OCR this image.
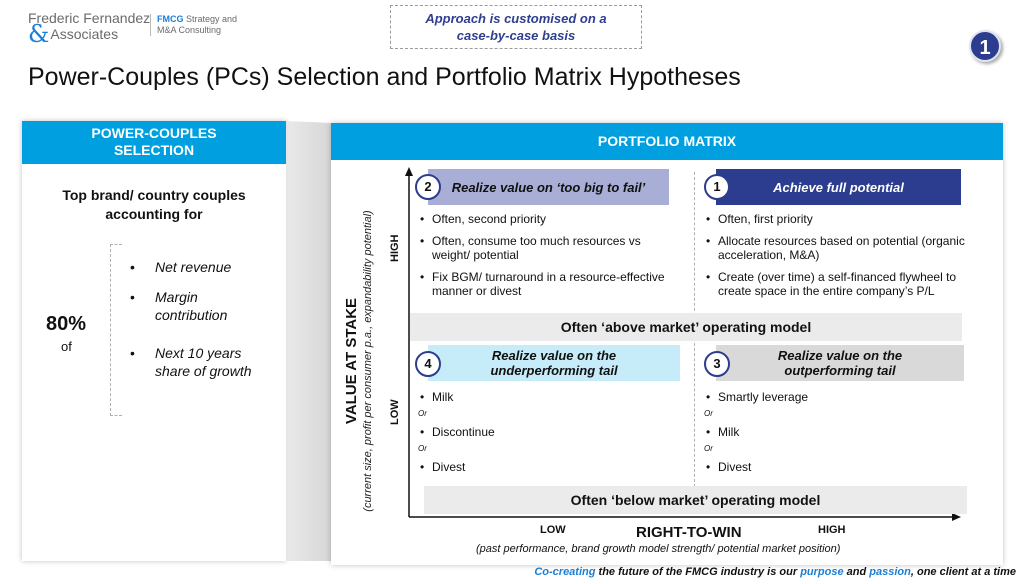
Frederic Fernandez
&Associates
FMCG Strategy and
M&A Consulting
Approach is customised on a
case-by-case basis
1
Power-Couples (PCs) Selection and Portfolio Matrix Hypotheses
POWER-COUPLES
SELECTION
Top brand/ country couples
accounting for
80%
of
• Net revenue
• Margin contribution
• Next 10 years share of growth
PORTFOLIO MATRIX
VALUE AT STAKE (current size, profit per consumer p.a., expandability potential) HIGH
LOW
Realize value on ‘too big to fail’
2
• Often, second priority
• Often, consume too much resources vs weight/ potential
• Fix BGM/ turnaround in a resource-effective manner or divest
Achieve full potential
1
• Often, first priority
• Allocate resources based on potential (organic acceleration, M&A)
• Create (over time) a self-financed flywheel to create space in the entire company’s P/L
Often ‘above market’ operating model
Realize value on the
underperforming tail
4
• Milk
Or
• Discontinue
Or
• Divest
Realize value on the
outperforming tail
3
• Smartly leverage
Or
• Milk
Or
• Divest
Often ‘below market’ operating model
LOW	RIGHT-TO-WIN	HIGH
(past performance, brand growth model strength/ potential market position)
Co-creating the future of the FMCG industry is our purpose and passion, one client at a time
